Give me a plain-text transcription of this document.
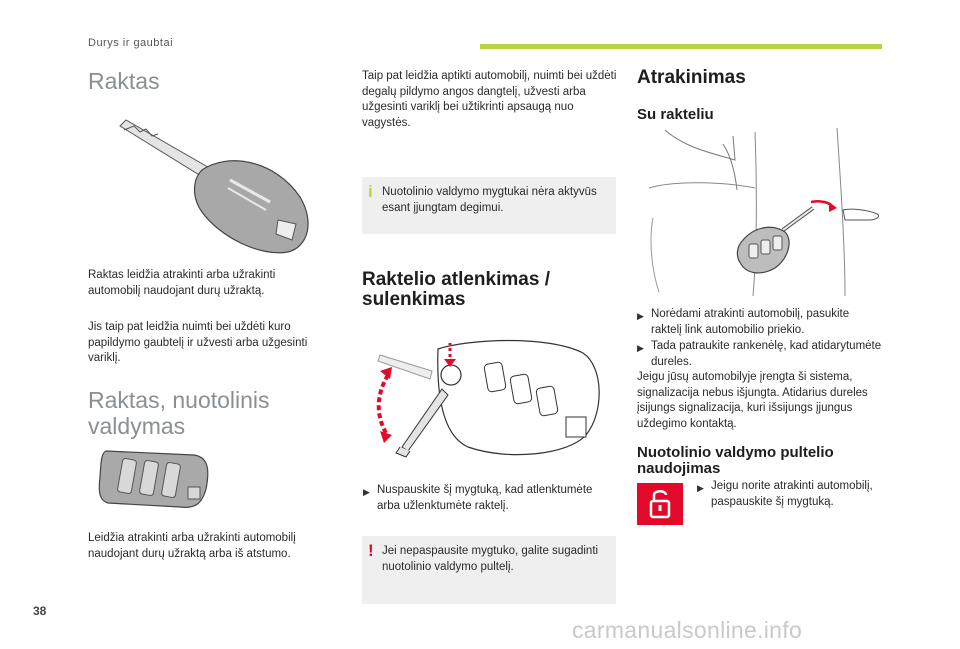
Durys ir gaubtai
Raktas
Raktas leidžia atrakinti arba užrakinti automobilį naudojant durų užraktą.
Jis taip pat leidžia nuimti bei uždėti kuro papildymo gaubtelį ir užvesti arba užgesinti variklį.
Raktas, nuotolinis valdymas
Leidžia atrakinti arba užrakinti automobilį naudojant durų užraktą arba iš atstumo.
Taip pat leidžia aptikti automobilį, nuimti bei uždėti degalų pildymo angos dangtelį, užvesti arba užgesinti variklį bei užtikrinti apsaugą nuo vagystės.
i Nuotolinio valdymo mygtukai nėra aktyvūs esant įjungtam degimui.
Raktelio atlenkimas / sulenkimas
▶ Nuspauskite šį mygtuką, kad atlenktumėte arba užlenktumėte raktelį.
! Jei nepaspausite mygtuko, galite sugadinti nuotolinio valdymo pultelį.
Atrakinimas
Su rakteliu
▶ Norėdami atrakinti automobilį, pasukite raktelį link automobilio priekio.
▶ Tada patraukite rankenėlę, kad atidarytumėte dureles.
Jeigu jūsų automobilyje įrengta ši sistema, signalizacija nebus išjungta. Atidarius dureles įsijungs signalizacija, kuri išsijungs įjungus uždegimo kontaktą.
Nuotolinio valdymo pultelio naudojimas
▶ Jeigu norite atrakinti automobilį, paspauskite šį mygtuką.
38
carmanualsonline.info
